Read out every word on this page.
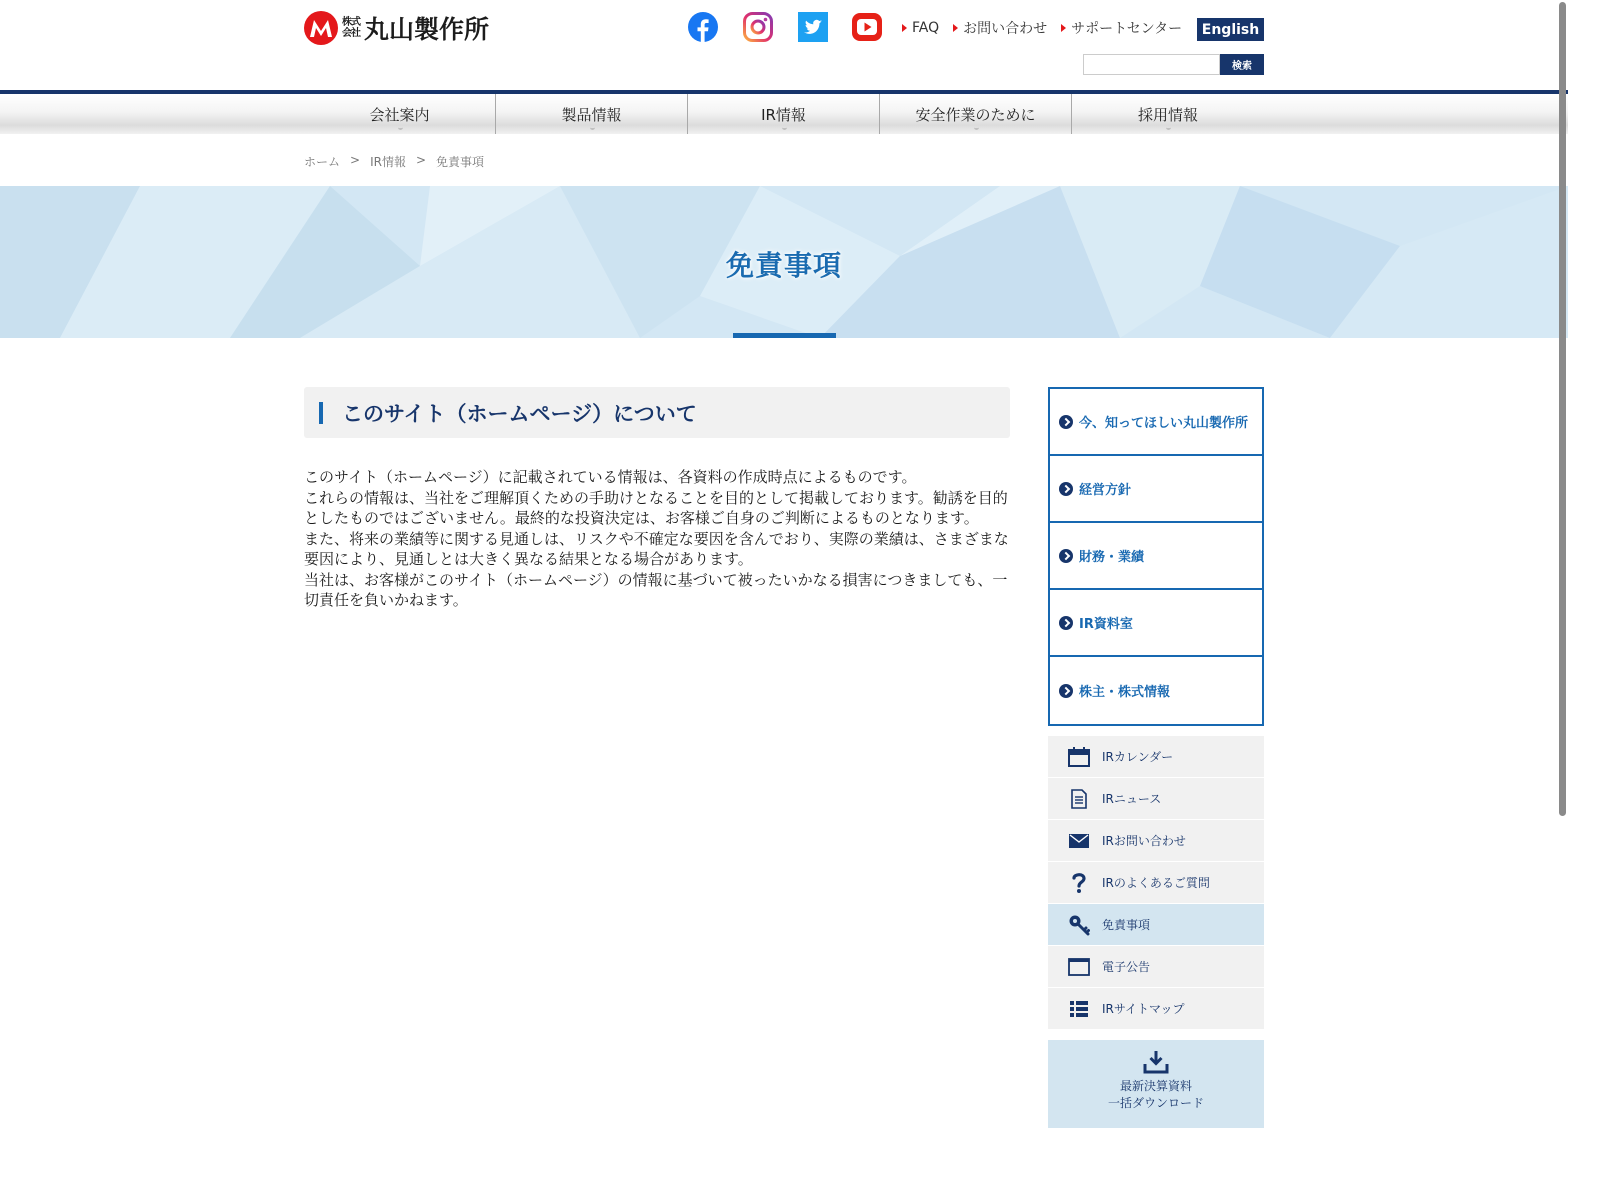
株式
会社 丸山製作所	FAQ	お問い合わせ	サポートセンター	English
検索
会社案内	製品情報	IR情報	安全作業のために	採用情報
ホーム > IR情報 > 免責事項
免責事項
このサイト（ホームページ）について

このサイト（ホームページ）に記載されている情報は、各資料の作成時点によるものです。

これらの情報は、当社をご理解頂くための手助けとなることを目的として掲載しております。勧誘を目的としたものではございません。最終的な投資決定は、お客様ご自身のご判断によるものとなります。

また、将来の業績等に関する見通しは、リスクや不確定な要因を含んでおり、実際の業績は、さまざまな要因により、見通しとは大きく異なる結果となる場合があります。

当社は、お客様がこのサイト（ホームページ）の情報に基づいて被ったいかなる損害につきましても、一切責任を負いかねます。

今、知ってほしい丸山製作所
経営方針
財務・業績
IR資料室
株主・株式情報
IRカレンダー
IRニュース
IRお問い合わせ
IRのよくあるご質問
免責事項
電子公告
IRサイトマップ
最新決算資料
一括ダウンロード
